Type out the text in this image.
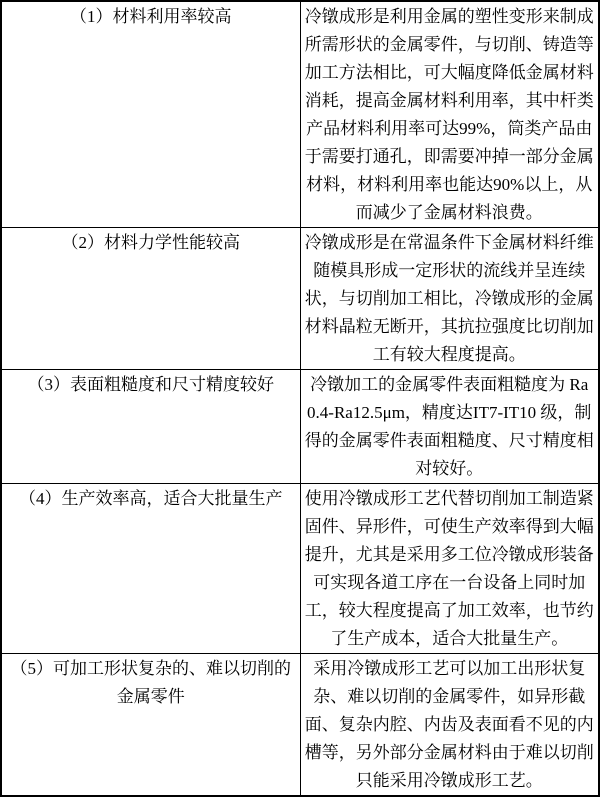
（1）材料利用率较高	冷镦成形是利用金属的塑性变形来制成所需形状的金属零件，与切削、铸造等加工方法相比，可大幅度降低金属材料消耗，提高金属材料利用率，其中杆类产品材料利用率可达99%，筒类产品由于需要打通孔，即需要冲掉一部分金属材料，材料利用率也能达90%以上，从而减少了金属材料浪费。
（2）材料力学性能较高	冷镦成形是在常温条件下金属材料纤维随模具形成一定形状的流线并呈连续状，与切削加工相比，冷镦成形的金属材料晶粒无断开，其抗拉强度比切削加工有较大程度提高。
（3）表面粗糙度和尺寸精度较好	冷镦加工的金属零件表面粗糙度为 Ra0.4-Ra12.5μm，精度达IT7-IT10 级，制得的金属零件表面粗糙度、尺寸精度相对较好。
（4）生产效率高，适合大批量生产	使用冷镦成形工艺代替切削加工制造紧固件、异形件，可使生产效率得到大幅提升，尤其是采用多工位冷镦成形装备可实现各道工序在一台设备上同时加工，较大程度提高了加工效率，也节约了生产成本，适合大批量生产。
（5）可加工形状复杂的、难以切削的金属零件	采用冷镦成形工艺可以加工出形状复杂、难以切削的金属零件，如异形截面、复杂内腔、内齿及表面看不见的内槽等，另外部分金属材料由于难以切削只能采用冷镦成形工艺。
